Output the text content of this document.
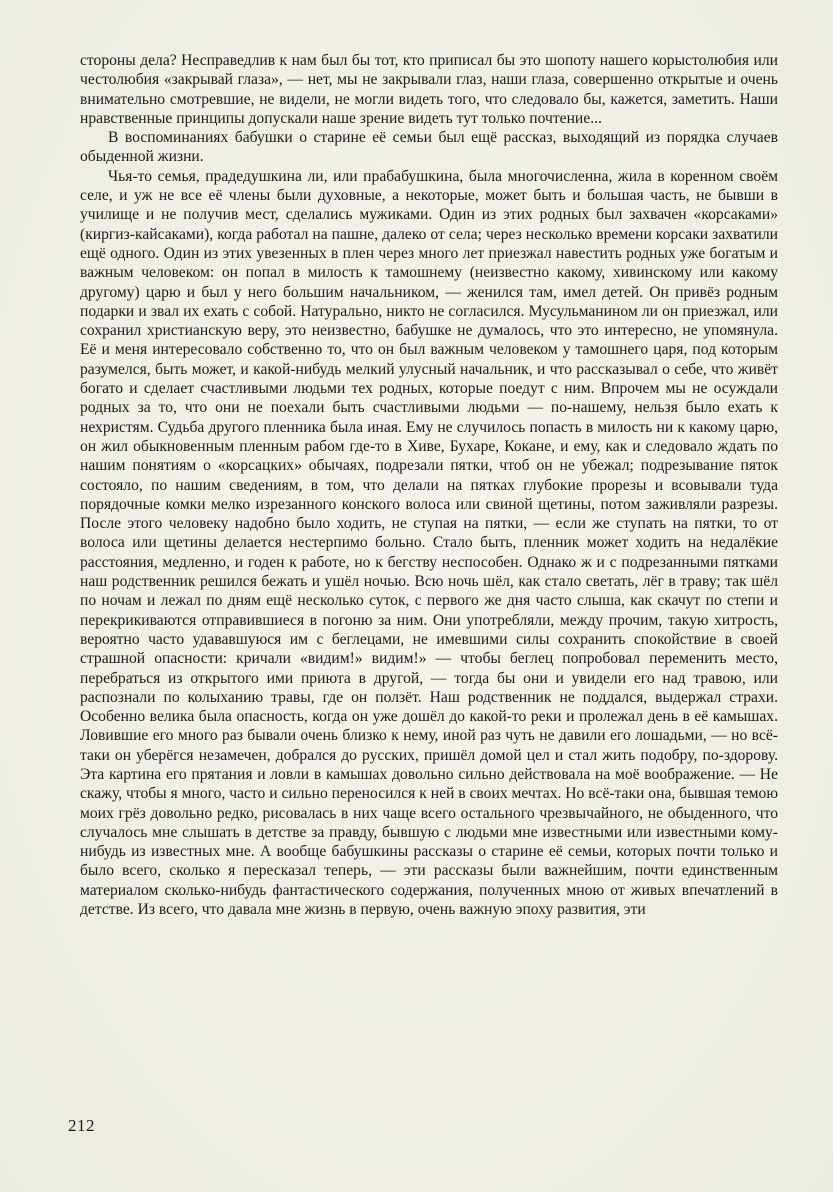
стороны дела? Несправедлив к нам был бы тот, кто приписал бы это шопоту нашего корыстолюбия или честолюбия «закрывай глаза», — нет, мы не закрывали глаз, наши глаза, совершенно открытые и очень внимательно смотревшие, не видели, не могли видеть того, что следовало бы, кажется, заметить. Наши нравственные принципы допускали наше зрение видеть тут только почтение...

В воспоминаниях бабушки о старине её семьи был ещё рассказ, выходящий из порядка случаев обыденной жизни.

Чья-то семья, прадедушкина ли, или прабабушкина, была многочисленна, жила в коренном своём селе, и уж не все её члены были духовные, а некоторые, может быть и большая часть, не бывши в училище и не получив мест, сделались мужиками. Один из этих родных был захвачен «корсаками» (киргиз-кайсаками), когда работал на пашне, далеко от села; через несколько времени корсаки захватили ещё одного. Один из этих увезенных в плен через много лет приезжал навестить родных уже богатым и важным человеком: он попал в милость к тамошнему (неизвестно какому, хивинскому или какому другому) царю и был у него большим начальником, — женился там, имел детей. Он привёз родным подарки и звал их ехать с собой. Натурально, никто не согласился. Мусульманином ли он приезжал, или сохранил христианскую веру, это неизвестно, бабушке не думалось, что это интересно, не упомянула. Её и меня интересовало собственно то, что он был важным человеком у тамошнего царя, под которым разумелся, быть может, и какой-нибудь мелкий улусный начальник, и что рассказывал о себе, что живёт богато и сделает счастливыми людьми тех родных, которые поедут с ним. Впрочем мы не осуждали родных за то, что они не поехали быть счастливыми людьми — по-нашему, нельзя было ехать к нехристям. Судьба другого пленника была иная. Ему не случилось попасть в милость ни к какому царю, он жил обыкновенным пленным рабом где-то в Хиве, Бухаре, Кокане, и ему, как и следовало ждать по нашим понятиям о «корсацких» обычаях, подрезали пятки, чтоб он не убежал; подрезывание пяток состояло, по нашим сведениям, в том, что делали на пятках глубокие прорезы и всовывали туда порядочные комки мелко изрезанного конского волоса или свиной щетины, потом заживляли разрезы. После этого человеку надобно было ходить, не ступая на пятки, — если же ступать на пятки, то от волоса или щетины делается нестерпимо больно. Стало быть, пленник может ходить на недалёкие расстояния, медленно, и годен к работе, но к бегству неспособен. Однако ж и с подрезанными пятками наш родственник решился бежать и ушёл ночью. Всю ночь шёл, как стало светать, лёг в траву; так шёл по ночам и лежал по дням ещё несколько суток, с первого же дня часто слыша, как скачут по степи и перекрикиваются отправившиеся в погоню за ним. Они употребляли, между прочим, такую хитрость, вероятно часто удававшуюся им с беглецами, не имевшими силы сохранить спокойствие в своей страшной опасности: кричали «видим!» видим!» — чтобы беглец попробовал переменить место, перебраться из открытого ими приюта в другой, — тогда бы они и увидели его над травою, или распознали по колыханию травы, где он ползёт. Наш родственник не поддался, выдержал страхи. Особенно велика была опасность, когда он уже дошёл до какой-то реки и пролежал день в её камышах. Ловившие его много раз бывали очень близко к нему, иной раз чуть не давили его лошадьми, — но всё-таки он уберёгся незамечен, добрался до русских, пришёл домой цел и стал жить подобру, по-здорову. Эта картина его прятания и ловли в камышах довольно сильно действовала на моё воображение. — Не скажу, чтобы я много, часто и сильно переносился к ней в своих мечтах. Но всё-таки она, бывшая темою моих грёз довольно редко, рисовалась в них чаще всего остального чрезвычайного, не обыденного, что случалось мне слышать в детстве за правду, бывшую с людьми мне известными или известными кому-нибудь из известных мне. А вообще бабушкины рассказы о старине её семьи, которых почти только и было всего, сколько я пересказал теперь, — эти рассказы были важнейшим, почти единственным материалом сколько-нибудь фантастического содержания, полученных мною от живых впечатлений в детстве. Из всего, что давала мне жизнь в первую, очень важную эпоху развития, эти

212
